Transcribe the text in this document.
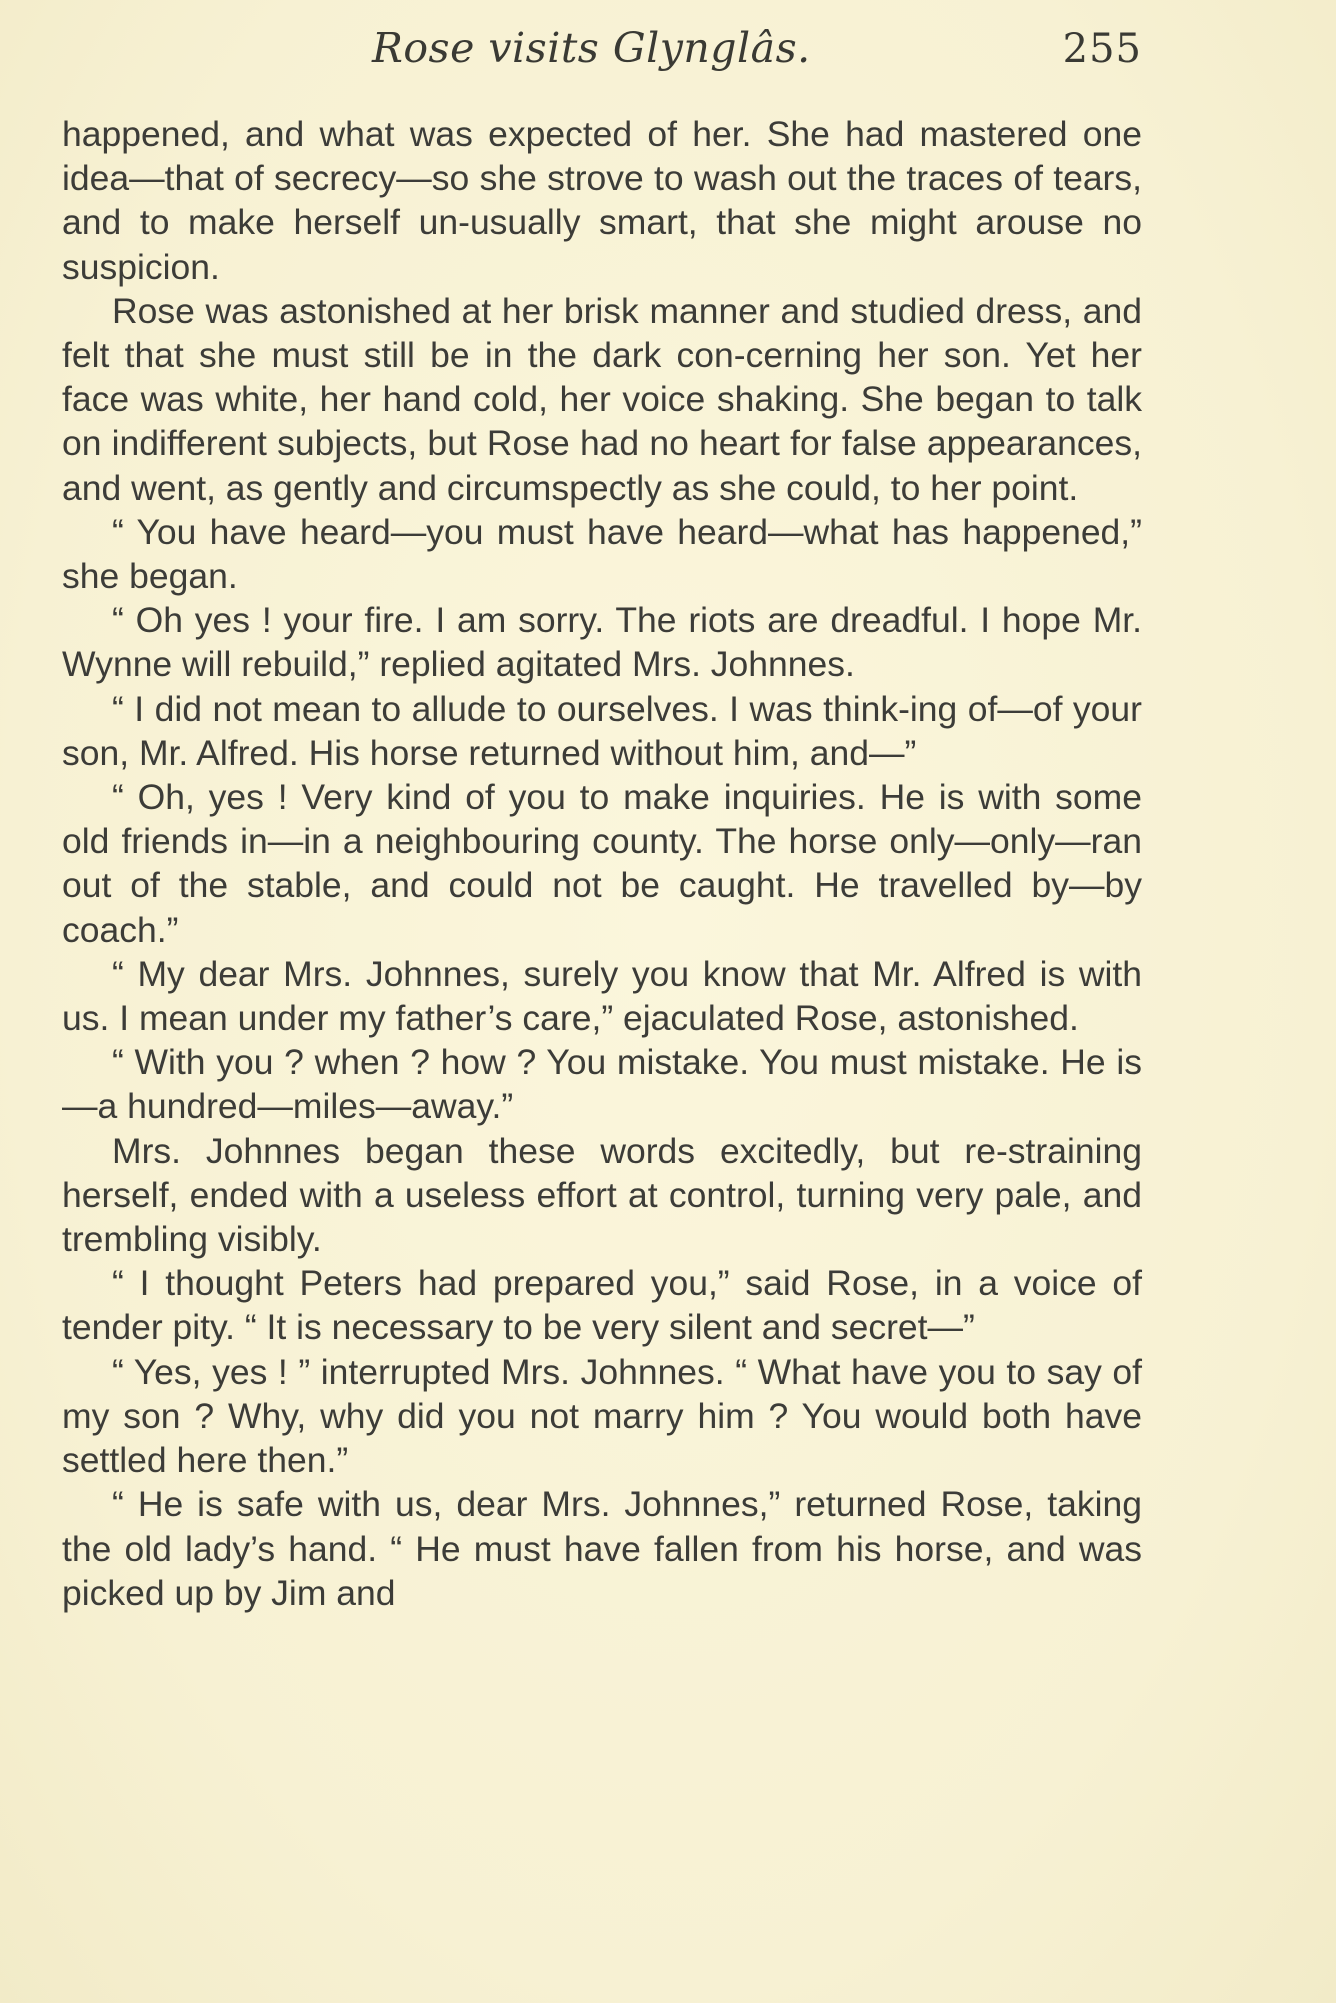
Rose visits Glynglâs.	255

happened, and what was expected of her. She had mastered one idea—that of secrecy—so she strove to wash out the traces of tears, and to make herself un-usually smart, that she might arouse no suspicion.

Rose was astonished at her brisk manner and studied dress, and felt that she must still be in the dark con-cerning her son. Yet her face was white, her hand cold, her voice shaking. She began to talk on indifferent subjects, but Rose had no heart for false appearances, and went, as gently and circumspectly as she could, to her point.

“ You have heard—you must have heard—what has happened,” she began.

“ Oh yes ! your fire. I am sorry. The riots are dreadful. I hope Mr. Wynne will rebuild,” replied agitated Mrs. Johnnes.

“ I did not mean to allude to ourselves. I was think-ing of—of your son, Mr. Alfred. His horse returned without him, and—”

“ Oh, yes ! Very kind of you to make inquiries. He is with some old friends in—in a neighbouring county. The horse only—only—ran out of the stable, and could not be caught. He travelled by—by coach.”

“ My dear Mrs. Johnnes, surely you know that Mr. Alfred is with us. I mean under my father’s care,” ejaculated Rose, astonished.

“ With you ? when ? how ? You mistake. You must mistake. He is—a hundred—miles—away.”

Mrs. Johnnes began these words excitedly, but re-straining herself, ended with a useless effort at control, turning very pale, and trembling visibly.

“ I thought Peters had prepared you,” said Rose, in a voice of tender pity. “ It is necessary to be very silent and secret—”

“ Yes, yes ! ” interrupted Mrs. Johnnes. “ What have you to say of my son ? Why, why did you not marry him ? You would both have settled here then.”

“ He is safe with us, dear Mrs. Johnnes,” returned Rose, taking the old lady’s hand. “ He must have fallen from his horse, and was picked up by Jim and
